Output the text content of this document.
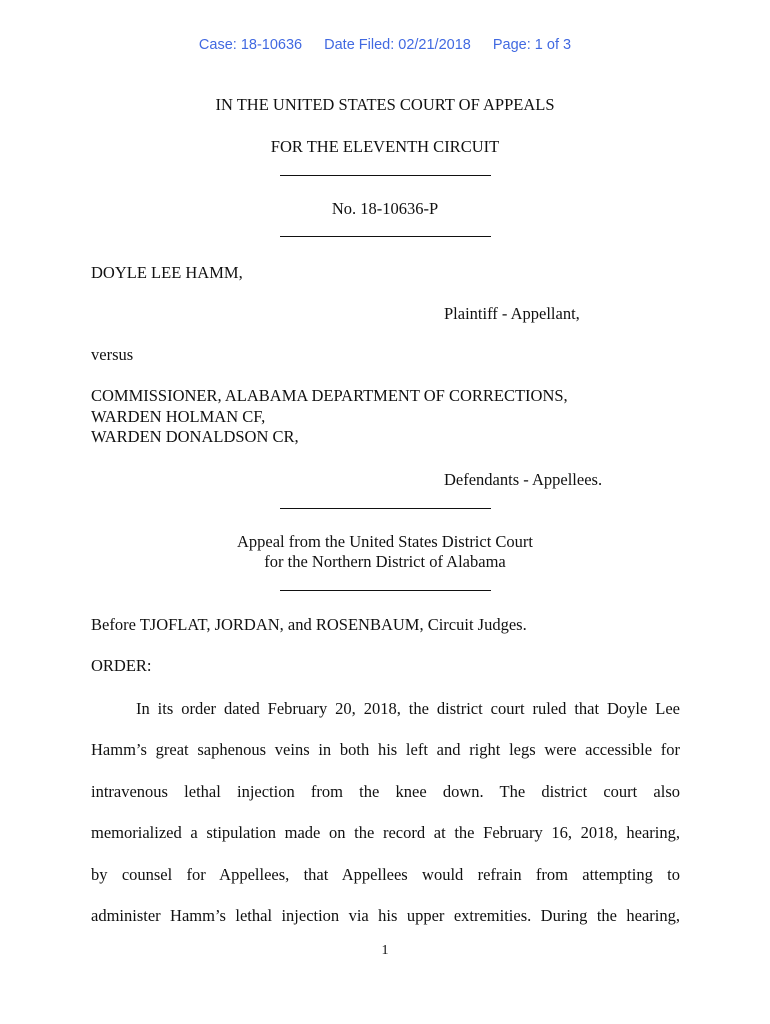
Case: 18-10636 Date Filed: 02/21/2018 Page: 1 of 3
IN THE UNITED STATES COURT OF APPEALS
FOR THE ELEVENTH CIRCUIT
No. 18-10636-P
DOYLE LEE HAMM,
Plaintiff - Appellant,
versus
COMMISSIONER, ALABAMA DEPARTMENT OF CORRECTIONS,
WARDEN HOLMAN CF,
WARDEN DONALDSON CR,
Defendants - Appellees.
Appeal from the United States District Court
for the Northern District of Alabama
Before TJOFLAT, JORDAN, and ROSENBAUM, Circuit Judges.
ORDER:
In its order dated February 20, 2018, the district court ruled that Doyle Lee
Hamm’s great saphenous veins in both his left and right legs were accessible for
intravenous lethal injection from the knee down. The district court also
memorialized a stipulation made on the record at the February 16, 2018, hearing,
by counsel for Appellees, that Appellees would refrain from attempting to
administer Hamm’s lethal injection via his upper extremities. During the hearing,
1
